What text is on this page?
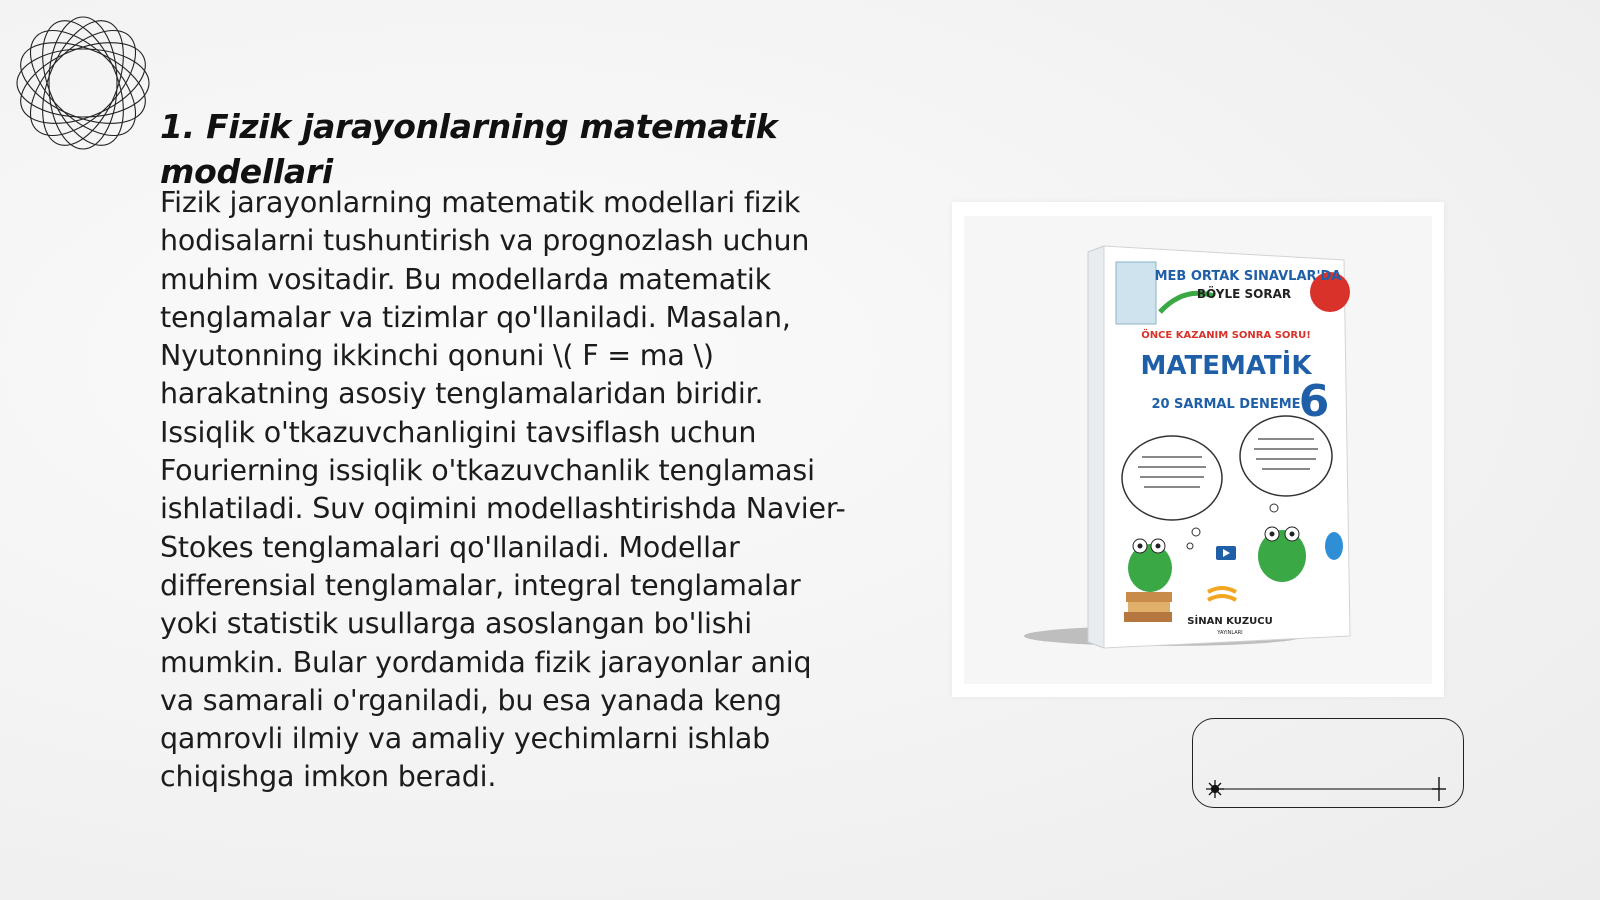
1. Fizik jarayonlarning matematik modellari

Fizik jarayonlarning matematik modellari fizik hodisalarni tushuntirish va prognozlash uchun muhim vositadir. Bu modellarda matematik tenglamalar va tizimlar qo'llaniladi. Masalan, Nyutonning ikkinchi qonuni \( F = ma \) harakatning asosiy tenglamalaridan biridir. Issiqlik o'tkazuvchanligini tavsiflash uchun Fourierning issiqlik o'tkazuvchanlik tenglamasi ishlatiladi. Suv oqimini modellashtirishda Navier-Stokes tenglamalari qo'llaniladi. Modellar differensial tenglamalar, integral tenglamalar yoki statistik usullarga asoslangan bo'lishi mumkin. Bular yordamida fizik jarayonlar aniq va samarali o'rganiladi, bu esa yanada keng qamrovli ilmiy va amaliy yechimlarni ishlab chiqishga imkon beradi.

MEB ORTAK SINAVLAR'DA
BÖYLE SORAR
ÖNCE KAZANIM SONRA SORU!
MATEMATİK
20 SARMAL DENEME
6
SİNAN KUZUCU
YAYINLARI
